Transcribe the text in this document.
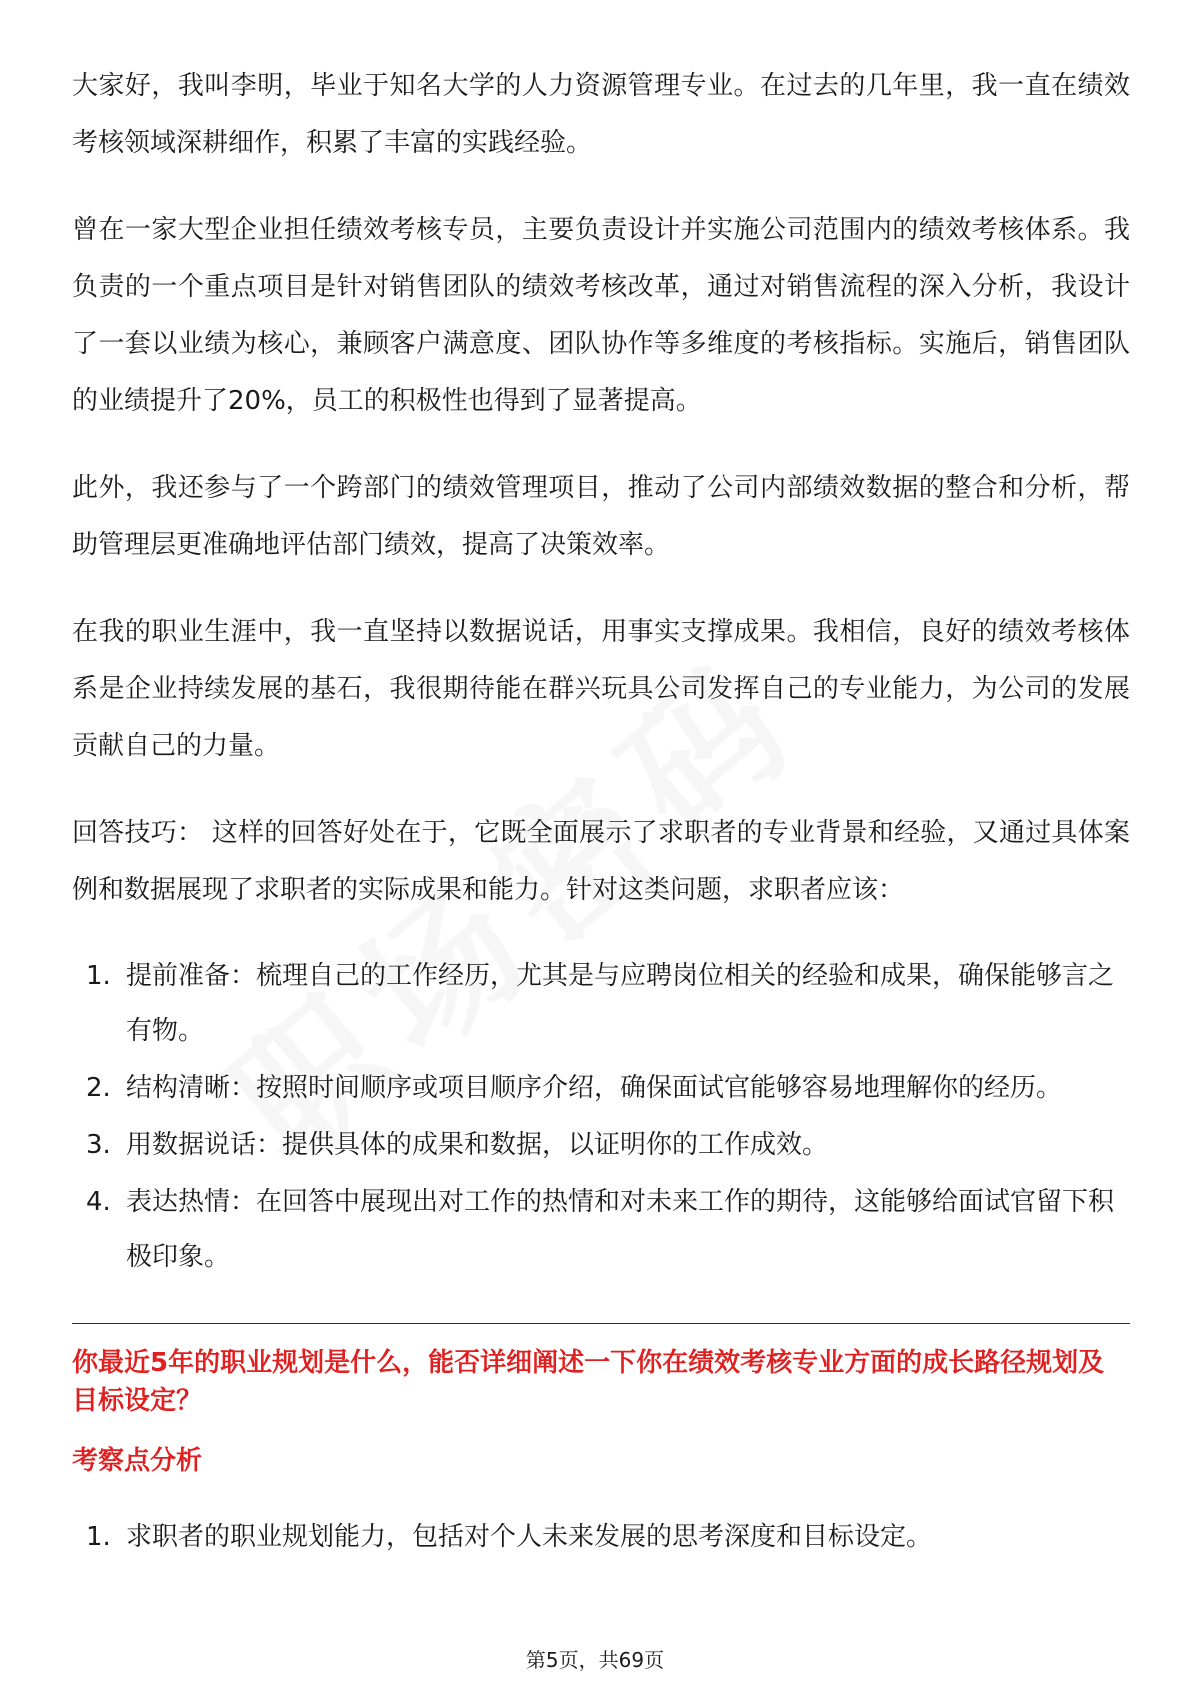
大家好，我叫李明，毕业于知名大学的人力资源管理专业。在过去的几年里，我一直在绩效考核领域深耕细作，积累了丰富的实践经验。

曾在一家大型企业担任绩效考核专员，主要负责设计并实施公司范围内的绩效考核体系。我负责的一个重点项目是针对销售团队的绩效考核改革，通过对销售流程的深入分析，我设计了一套以业绩为核心，兼顾客户满意度、团队协作等多维度的考核指标。实施后，销售团队的业绩提升了20%，员工的积极性也得到了显著提高。

此外，我还参与了一个跨部门的绩效管理项目，推动了公司内部绩效数据的整合和分析，帮助管理层更准确地评估部门绩效，提高了决策效率。

在我的职业生涯中，我一直坚持以数据说话，用事实支撑成果。我相信，良好的绩效考核体系是企业持续发展的基石，我很期待能在群兴玩具公司发挥自己的专业能力，为公司的发展贡献自己的力量。

回答技巧： 这样的回答好处在于，它既全面展示了求职者的专业背景和经验，又通过具体案例和数据展现了求职者的实际成果和能力。针对这类问题，求职者应该：

1. 提前准备：梳理自己的工作经历，尤其是与应聘岗位相关的经验和成果，确保能够言之有物。
2. 结构清晰：按照时间顺序或项目顺序介绍，确保面试官能够容易地理解你的经历。
3. 用数据说话：提供具体的成果和数据，以证明你的工作成效。
4. 表达热情：在回答中展现出对工作的热情和对未来工作的期待，这能够给面试官留下积极印象。
你最近5年的职业规划是什么，能否详细阐述一下你在绩效考核专业方面的成长路径规划及目标设定？
考察点分析
1. 求职者的职业规划能力，包括对个人未来发展的思考深度和目标设定。
第5页，共69页
